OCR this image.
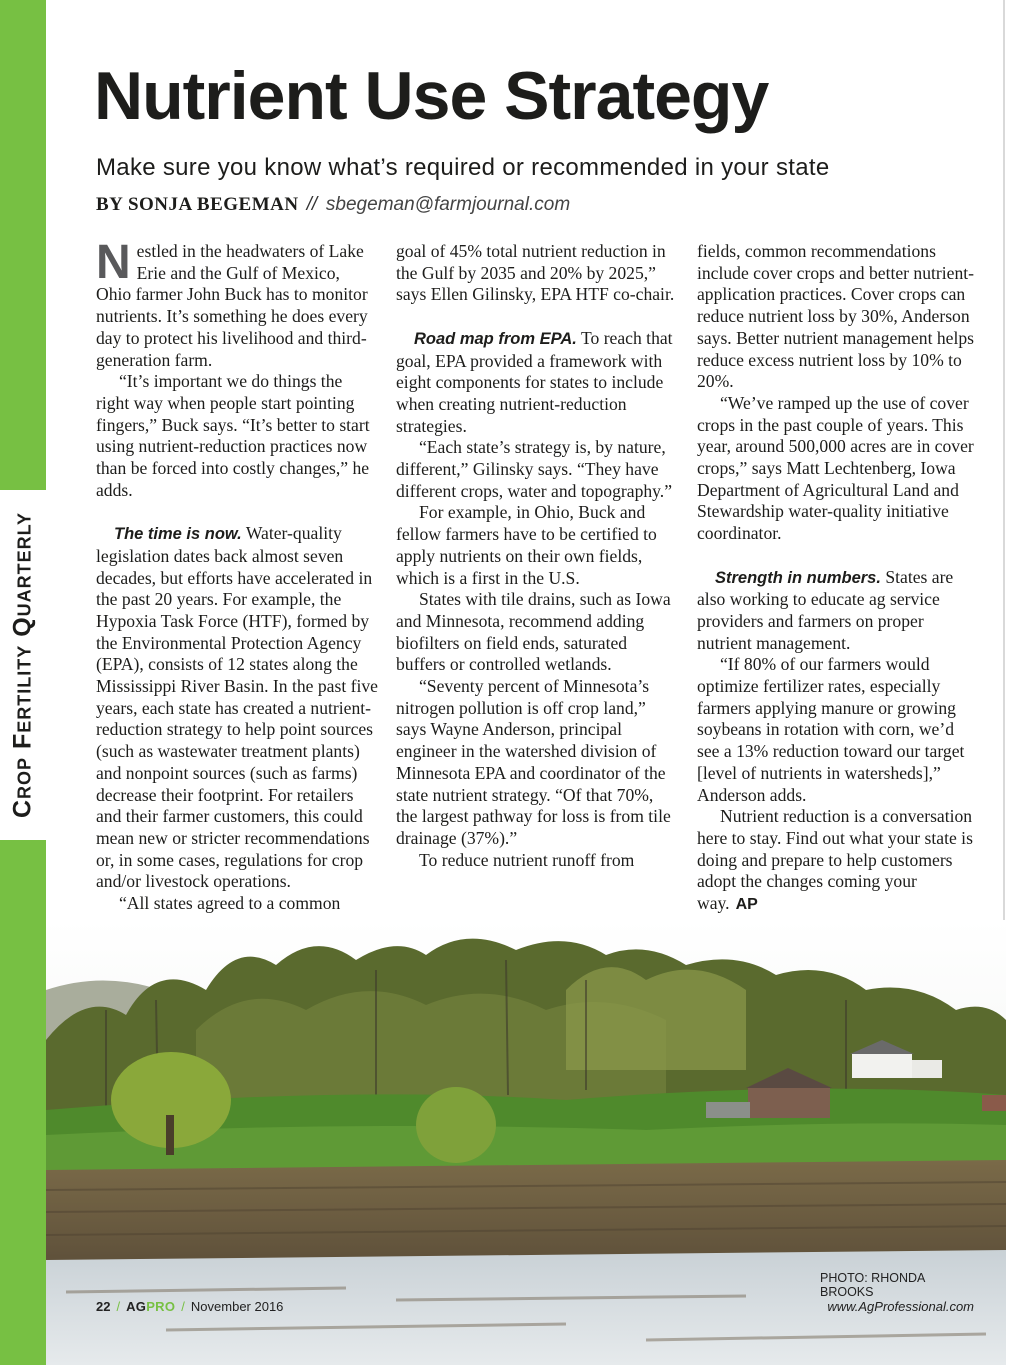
Crop Fertility Quarterly
Nutrient Use Strategy
Make sure you know what’s required or recommended in your state
BY SONJA BEGEMAN // sbegeman@farmjournal.com

Nestled in the headwaters of Lake Erie and the Gulf of Mexico, Ohio farmer John Buck has to monitor nutrients. It’s something he does every day to protect his livelihood and third-generation farm.

“It’s important we do things the right way when people start pointing fingers,” Buck says. “It’s better to start using nutrient-reduction practices now than be forced into costly changes,” he adds.

The time is now. Water-quality legislation dates back almost seven decades, but efforts have accelerated in the past 20 years. For example, the Hypoxia Task Force (HTF), formed by the Environmental Protection Agency (EPA), consists of 12 states along the Mississippi River Basin. In the past five years, each state has created a nutrient-reduction strategy to help point sources (such as wastewater treatment plants) and nonpoint sources (such as farms) decrease their footprint. For retailers and their farmer customers, this could mean new or stricter recommendations or, in some cases, regulations for crop and/or livestock operations.

“All states agreed to a common

goal of 45% total nutrient reduction in the Gulf by 2035 and 20% by 2025,” says Ellen Gilinsky, EPA HTF co-chair.

Road map from EPA. To reach that goal, EPA provided a framework with eight components for states to include when creating nutrient-reduction strategies.

“Each state’s strategy is, by nature, different,” Gilinsky says. “They have different crops, water and topography.”

For example, in Ohio, Buck and fellow farmers have to be certified to apply nutrients on their own fields, which is a first in the U.S.

States with tile drains, such as Iowa and Minnesota, recommend adding biofilters on field ends, saturated buffers or controlled wetlands.

“Seventy percent of Minnesota’s nitrogen pollution is off crop land,” says Wayne Anderson, principal engineer in the watershed division of Minnesota EPA and coordinator of the state nutrient strategy. “Of that 70%, the largest pathway for loss is from tile drainage (37%).”

To reduce nutrient runoff from

fields, common recommendations include cover crops and better nutrient-application practices. Cover crops can reduce nutrient loss by 30%, Anderson says. Better nutrient management helps reduce excess nutrient loss by 10% to 20%.

“We’ve ramped up the use of cover crops in the past couple of years. This year, around 500,000 acres are in cover crops,” says Matt Lechtenberg, Iowa Department of Agricultural Land and Stewardship water-quality initiative coordinator.

Strength in numbers. States are also working to educate ag service providers and farmers on proper nutrient management.

“If 80% of our farmers would optimize fertilizer rates, especially farmers applying manure or growing soybeans in rotation with corn, we’d see a 13% reduction toward our target [level of nutrients in watersheds],” Anderson adds.

Nutrient reduction is a conversation here to stay. Find out what your state is doing and prepare to help customers adopt the changes coming your way. AP

PHOTO: RHONDA BROOKS
22 / AGPRO / November 2016	www.AgProfessional.com
